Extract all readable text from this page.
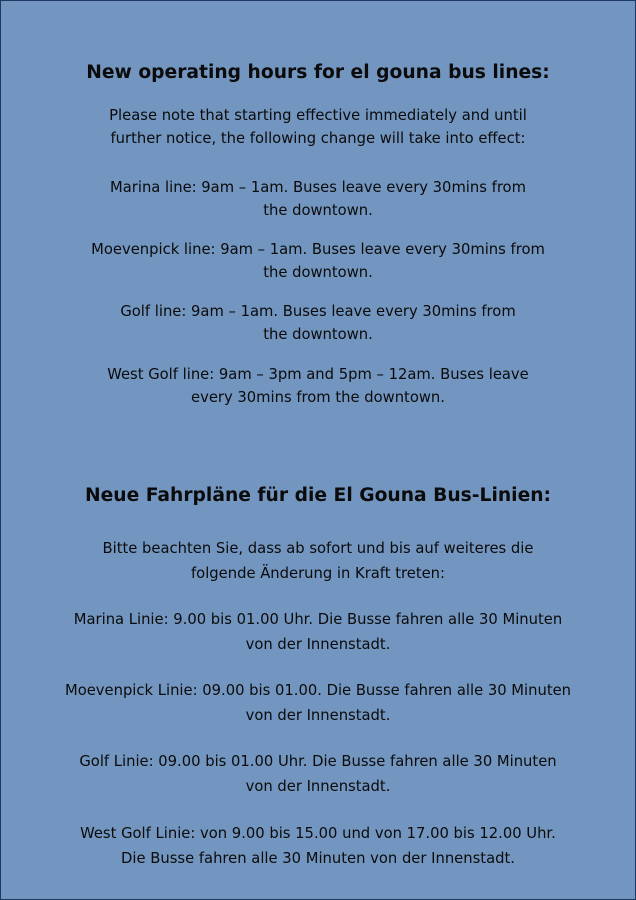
New operating hours for el gouna bus lines:
Please note that starting effective immediately and until
further notice, the following change will take into effect:
Marina line: 9am – 1am. Buses leave every 30mins from
the downtown.
Moevenpick line: 9am – 1am. Buses leave every 30mins from
the downtown.
Golf line: 9am – 1am. Buses leave every 30mins from
the downtown.
West Golf line: 9am – 3pm and 5pm – 12am. Buses leave
every 30mins from the downtown.
Neue Fahrpläne für die El Gouna Bus-Linien:
Bitte beachten Sie, dass ab sofort und bis auf weiteres die
folgende Änderung in Kraft treten:
Marina Linie: 9.00 bis 01.00 Uhr. Die Busse fahren alle 30 Minuten
von der Innenstadt.
Moevenpick Linie: 09.00 bis 01.00. Die Busse fahren alle 30 Minuten
von der Innenstadt.
Golf Linie: 09.00 bis 01.00 Uhr. Die Busse fahren alle 30 Minuten
von der Innenstadt.
West Golf Linie: von 9.00 bis 15.00 und von 17.00 bis 12.00 Uhr.
Die Busse fahren alle 30 Minuten von der Innenstadt.
